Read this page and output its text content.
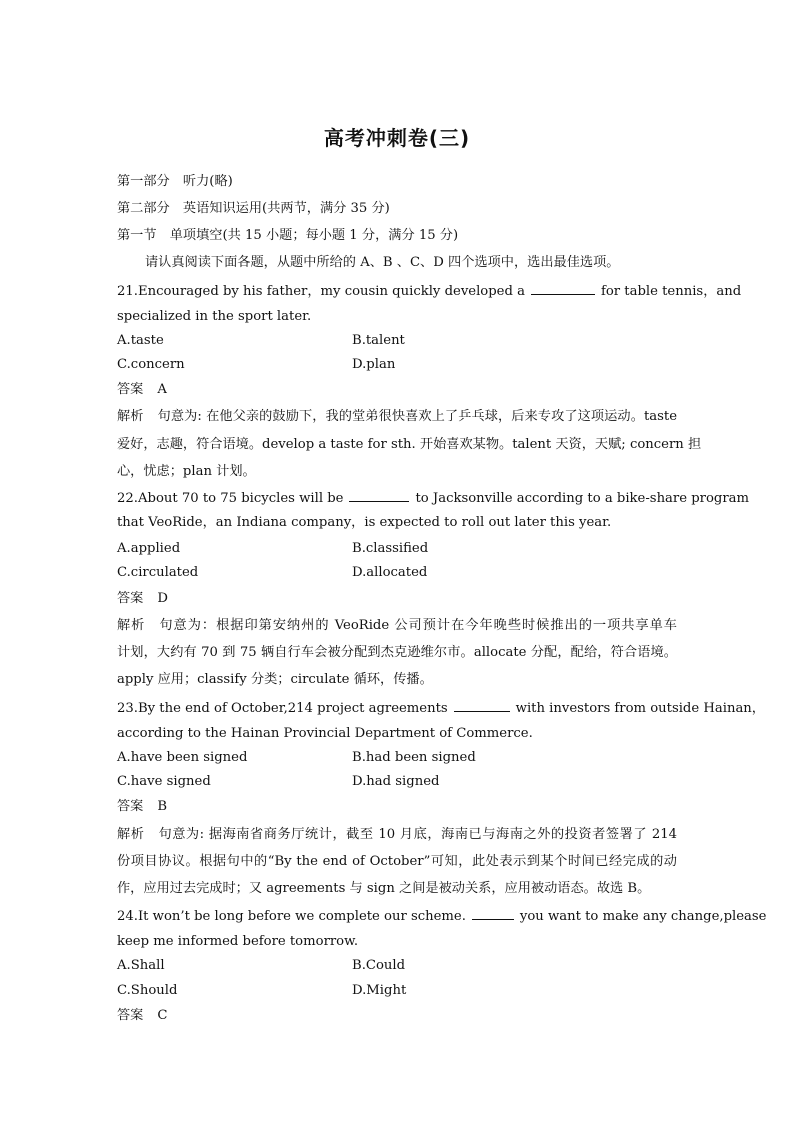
高考冲刺卷(三)
第一部分　听力(略)
第二部分　英语知识运用(共两节，满分 35 分)
第一节　单项填空(共 15 小题；每小题 1 分，满分 15 分)
请认真阅读下面各题，从题中所给的 A、B 、C、D 四个选项中，选出最佳选项。
21.Encouraged by his father，my cousin quickly developed a	for table tennis，and
specialized in the sport later.
A.taste	B.talent
C.concern	D.plan
答案 A
解析 句意为: 在他父亲的鼓励下，我的堂弟很快喜欢上了乒乓球，后来专攻了这项运动。taste
爱好，志趣，符合语境。develop a taste for sth. 开始喜欢某物。talent 天资，天赋; concern 担
心，忧虑；plan 计划。
22.About 70 to 75 bicycles will be	to Jacksonville according to a bike-share program
that VeoRide，an Indiana company，is expected to roll out later this year.
A.applied	B.classified
C.circulated	D.allocated
答案 D
解析 句意为：根据印第安纳州的 VeoRide 公司预计在今年晚些时候推出的一项共享单车
计划，大约有 70 到 75 辆自行车会被分配到杰克逊维尔市。allocate 分配，配给，符合语境。
apply 应用；classify 分类；circulate 循环，传播。
23.By the end of October,214 project agreements	with investors from outside Hainan，
according to the Hainan Provincial Department of Commerce.
A.have been signed	B.had been signed
C.have signed	D.had signed
答案 B
解析 句意为: 据海南省商务厅统计，截至 10 月底，海南已与海南之外的投资者签署了 214
份项目协议。根据句中的“By the end of October”可知，此处表示到某个时间已经完成的动
作，应用过去完成时；又 agreements 与 sign 之间是被动关系，应用被动语态。故选 B。
24.It won’t be long before we complete our scheme.	you want to make any change,please
keep me informed before tomorrow.
A.Shall	B.Could
C.Should	D.Might
答案 C
